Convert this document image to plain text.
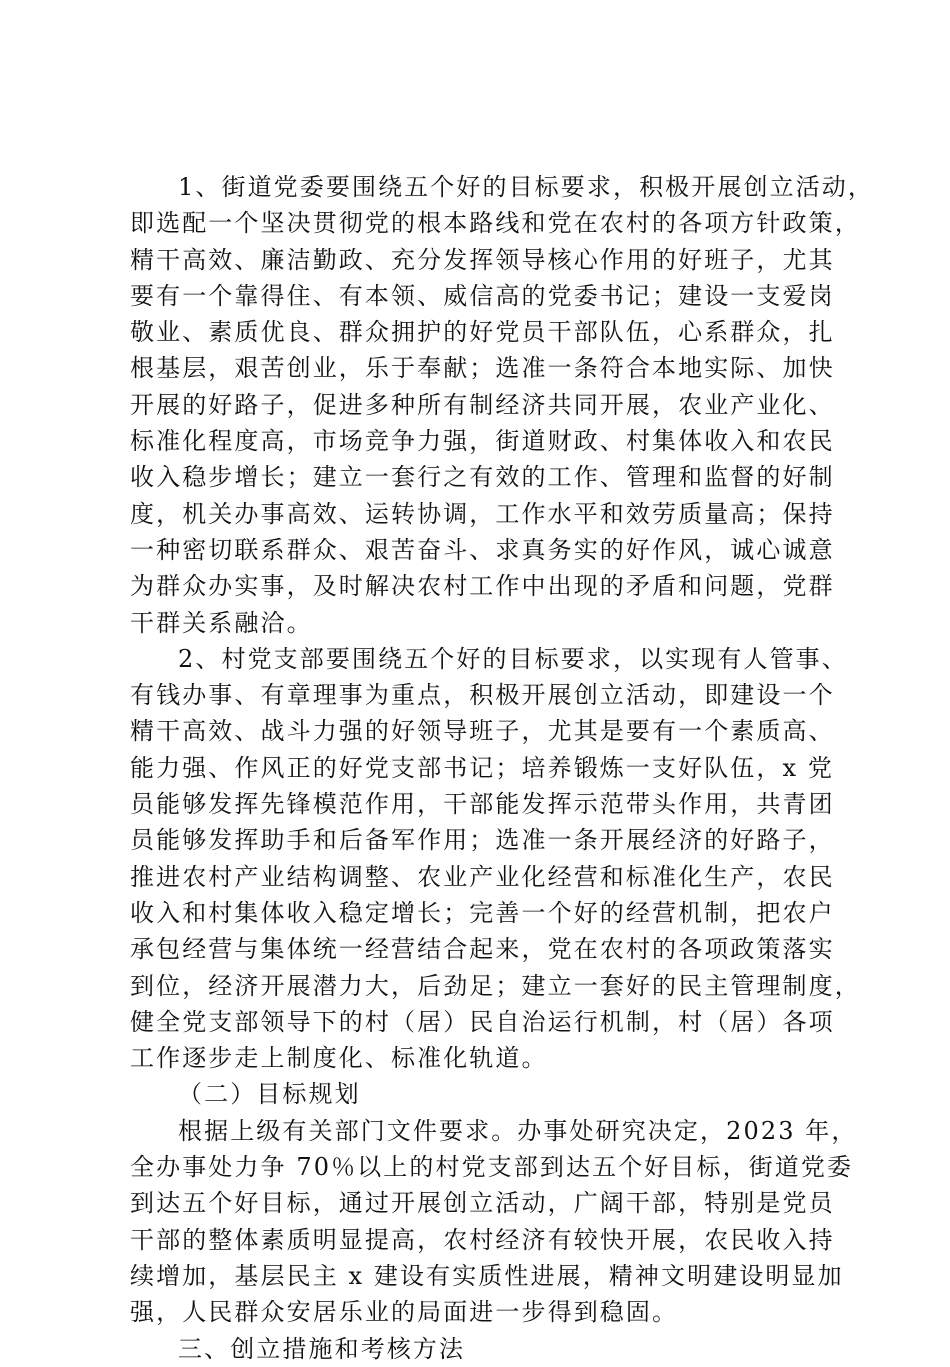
1、街道党委要围绕五个好的目标要求，积极开展创立活动，
即选配一个坚决贯彻党的根本路线和党在农村的各项方针政策，
精干高效、廉洁勤政、充分发挥领导核心作用的好班子，尤其
要有一个靠得住、有本领、威信高的党委书记；建设一支爱岗
敬业、素质优良、群众拥护的好党员干部队伍，心系群众，扎
根基层，艰苦创业，乐于奉献；选准一条符合本地实际、加快
开展的好路子，促进多种所有制经济共同开展，农业产业化、
标准化程度高，市场竞争力强，街道财政、村集体收入和农民
收入稳步增长；建立一套行之有效的工作、管理和监督的好制
度，机关办事高效、运转协调，工作水平和效劳质量高；保持
一种密切联系群众、艰苦奋斗、求真务实的好作风，诚心诚意
为群众办实事，及时解决农村工作中出现的矛盾和问题，党群
干群关系融洽。
2、村党支部要围绕五个好的目标要求，以实现有人管事、
有钱办事、有章理事为重点，积极开展创立活动，即建设一个
精干高效、战斗力强的好领导班子，尤其是要有一个素质高、
能力强、作风正的好党支部书记；培养锻炼一支好队伍，x 党
员能够发挥先锋模范作用，干部能发挥示范带头作用，共青团
员能够发挥助手和后备军作用；选准一条开展经济的好路子，
推进农村产业结构调整、农业产业化经营和标准化生产，农民
收入和村集体收入稳定增长；完善一个好的经营机制，把农户
承包经营与集体统一经营结合起来，党在农村的各项政策落实
到位，经济开展潜力大，后劲足；建立一套好的民主管理制度，
健全党支部领导下的村（居）民自治运行机制，村（居）各项
工作逐步走上制度化、标准化轨道。
（二）目标规划
根据上级有关部门文件要求。办事处研究决定，2023 年，
全办事处力争 70％以上的村党支部到达五个好目标，街道党委
到达五个好目标，通过开展创立活动，广阔干部，特别是党员
干部的整体素质明显提高，农村经济有较快开展，农民收入持
续增加，基层民主 x 建设有实质性进展，精神文明建设明显加
强，人民群众安居乐业的局面进一步得到稳固。
三、创立措施和考核方法
